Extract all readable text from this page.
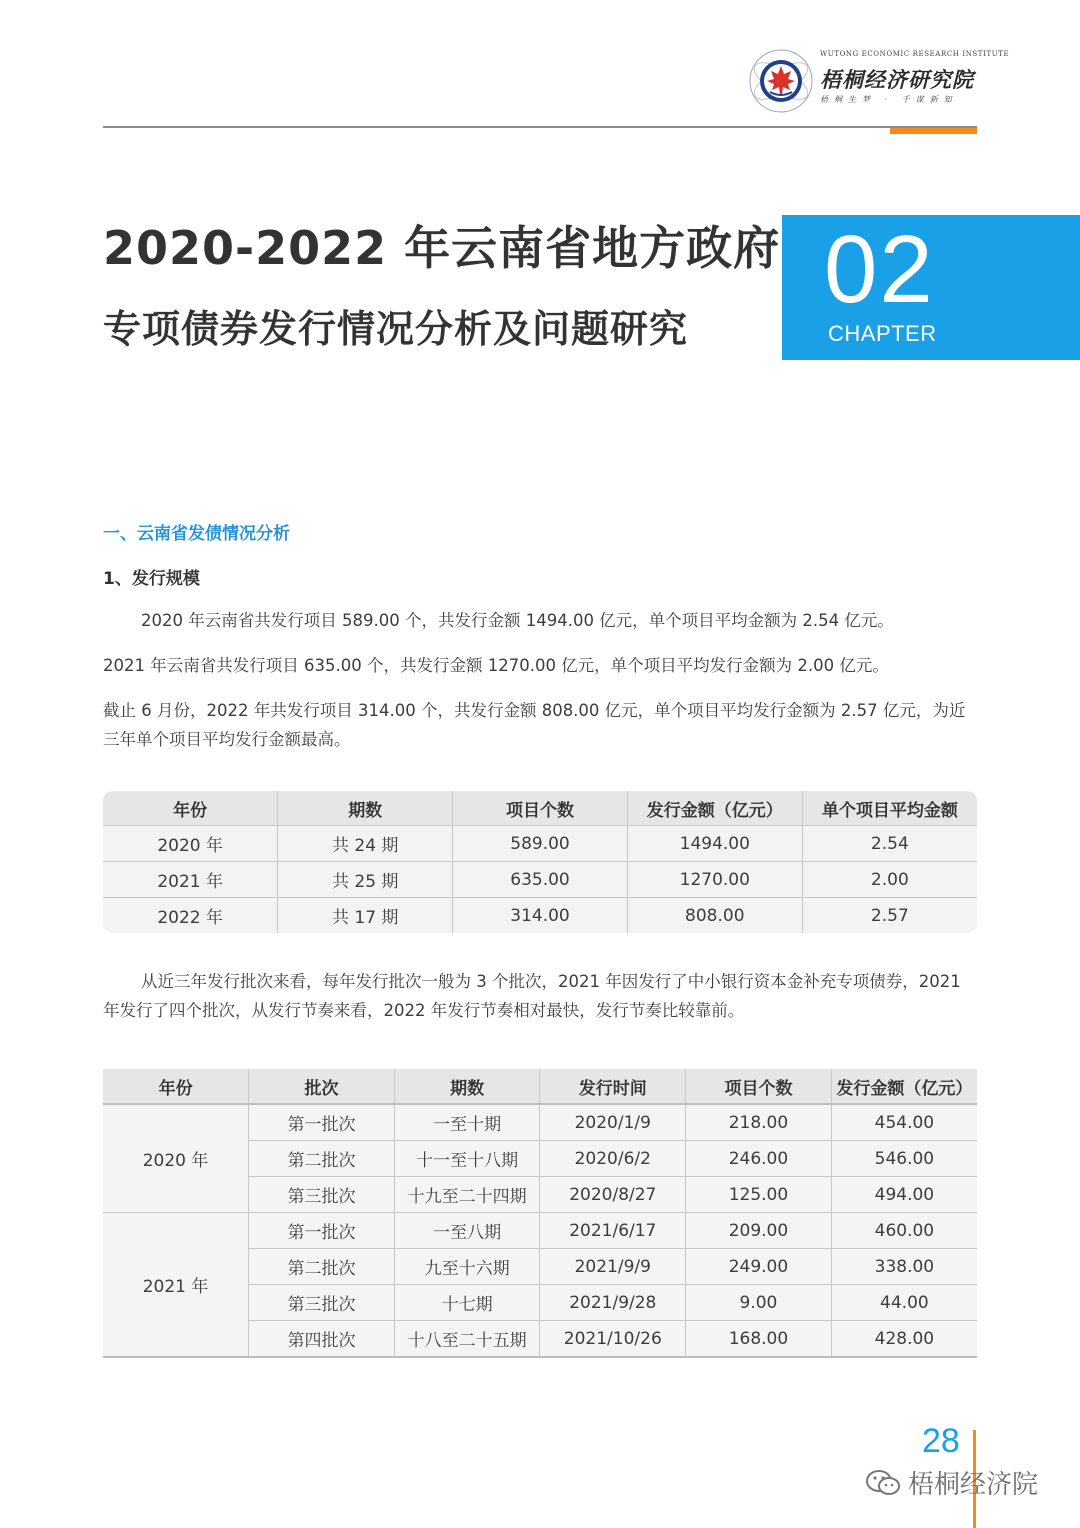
WUTONG ECONOMIC RESEARCH INSTITUTE
梧桐经济研究院
梧桐生梦 · 千谋新知
2020-2022 年云南省地方政府
专项债券发行情况分析及问题研究
02
CHAPTER
一、云南省发债情况分析
1、发行规模
2020 年云南省共发行项目 589.00 个，共发行金额 1494.00 亿元，单个项目平均金额为 2.54 亿元。
2021 年云南省共发行项目 635.00 个，共发行金额 1270.00 亿元，单个项目平均发行金额为 2.00 亿元。
截止 6 月份，2022 年共发行项目 314.00 个，共发行金额 808.00 亿元，单个项目平均发行金额为 2.57 亿元，为近三年单个项目平均发行金额最高。
年份	期数	项目个数	发行金额（亿元）	单个项目平均金额
2020 年	共 24 期	589.00	1494.00	2.54
2021 年	共 25 期	635.00	1270.00	2.00
2022 年	共 17 期	314.00	808.00	2.57
从近三年发行批次来看，每年发行批次一般为 3 个批次，2021 年因发行了中小银行资本金补充专项债券，2021 年发行了四个批次，从发行节奏来看，2022 年发行节奏相对最快，发行节奏比较靠前。
年份	批次	期数	发行时间	项目个数	发行金额（亿元）
2020 年	第一批次	一至十期	2020/1/9	218.00	454.00
	第二批次	十一至十八期	2020/6/2	246.00	546.00
	第三批次	十九至二十四期	2020/8/27	125.00	494.00
2021 年	第一批次	一至八期	2021/6/17	209.00	460.00
	第二批次	九至十六期	2021/9/9	249.00	338.00
	第三批次	十七期	2021/9/28	9.00	44.00
	第四批次	十八至二十五期	2021/10/26	168.00	428.00
28
梧桐经济院
